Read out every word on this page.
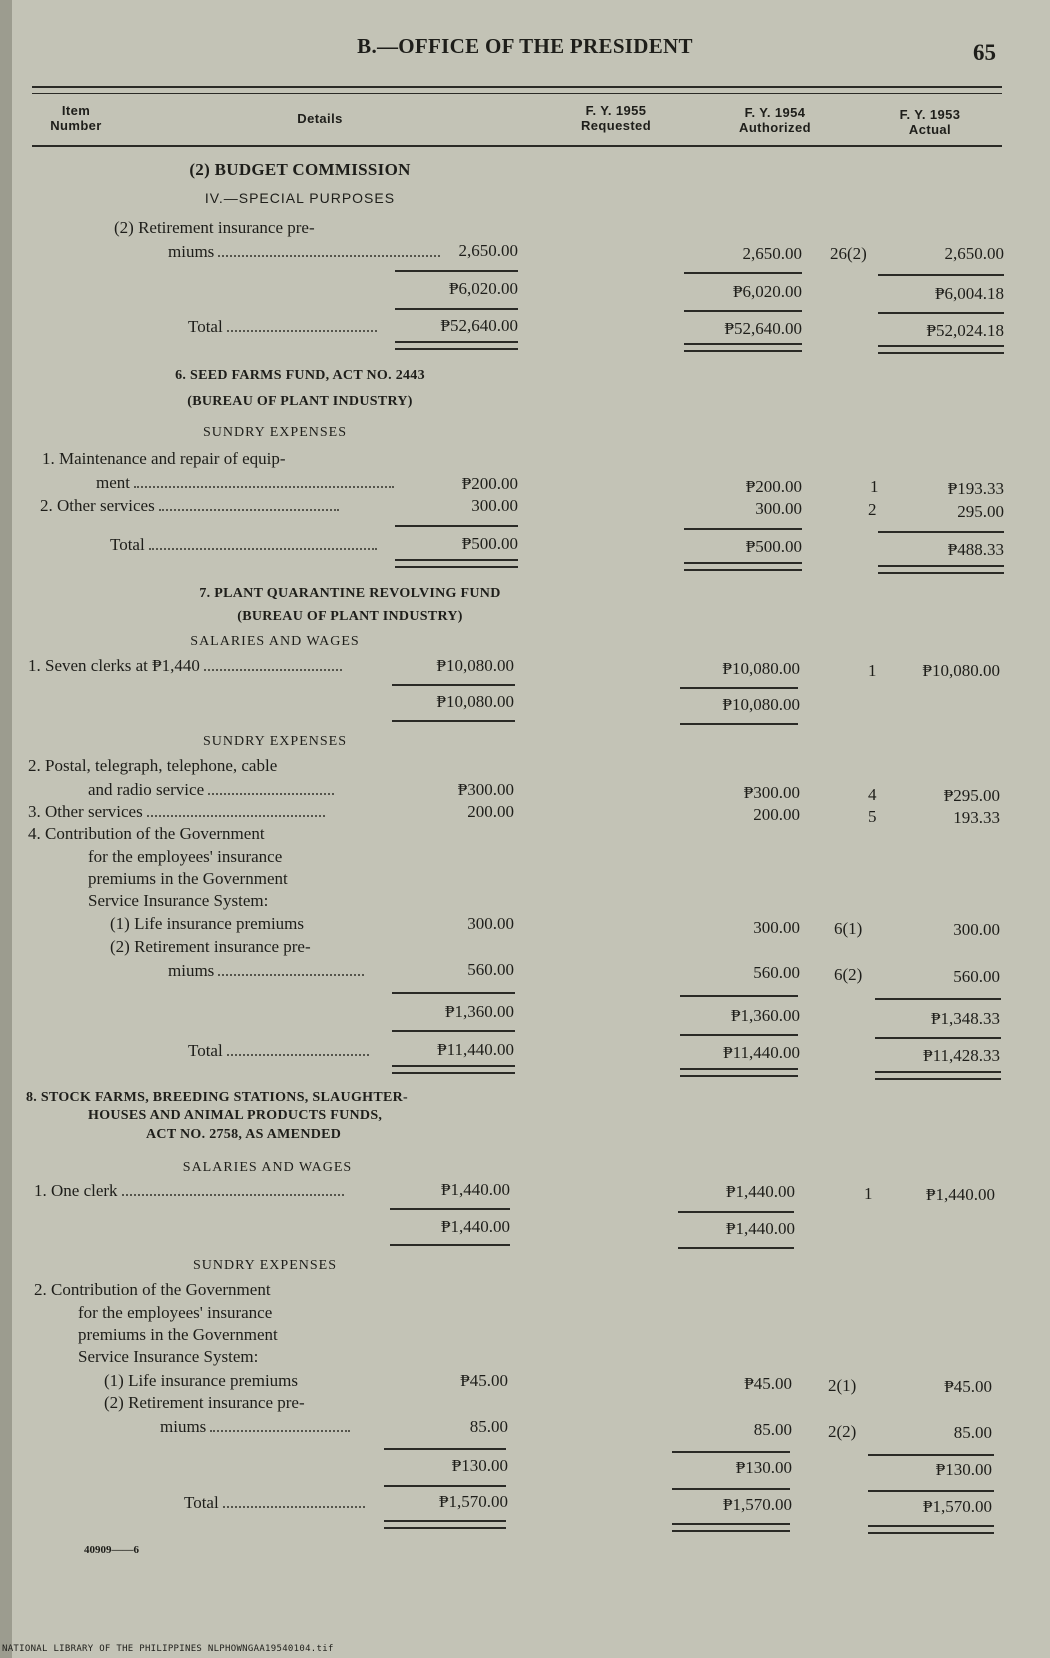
B.—OFFICE OF THE PRESIDENT	65
Item
Number	Details
F. Y. 1955
Requested
F. Y. 1954
Authorized
F. Y. 1953
Actual
(2) BUDGET COMMISSION
IV.—SPECIAL PURPOSES
(2) Retirement insurance pre-
miums	2,650.00	2,650.00 26(2)	2,650.00
₱6,020.00	₱6,020.00	₱6,004.18
Total	₱52,640.00	₱52,640.00	₱52,024.18
6. SEED FARMS FUND, ACT NO. 2443
(BUREAU OF PLANT INDUSTRY)
SUNDRY EXPENSES
1. Maintenance and repair of equip-
ment	₱200.00	₱200.00	1	₱193.33
2. Other services	300.00	300.00	2	295.00
Total	₱500.00	₱500.00	₱488.33
7. PLANT QUARANTINE REVOLVING FUND
(BUREAU OF PLANT INDUSTRY)
SALARIES AND WAGES
1. Seven clerks at ₱1,440	₱10,080.00	₱10,080.00	1	₱10,080.00
₱10,080.00	₱10,080.00
SUNDRY EXPENSES
2. Postal, telegraph, telephone, cable
and radio service	₱300.00	₱300.00	4	₱295.00
3. Other services	200.00	200.00	5	193.33
4. Contribution of the Government
for the employees' insurance
premiums in the Government
Service Insurance System:
(1) Life insurance premiums	300.00	300.00 6(1)	300.00
(2) Retirement insurance pre-
miums	560.00	560.00 6(2)	560.00
₱1,360.00	₱1,360.00	₱1,348.33
Total	₱11,440.00	₱11,440.00	₱11,428.33
8. STOCK FARMS, BREEDING STATIONS, SLAUGHTER-
HOUSES AND ANIMAL PRODUCTS FUNDS,
ACT NO. 2758, AS AMENDED
SALARIES AND WAGES
1. One clerk	₱1,440.00	₱1,440.00	1	₱1,440.00
₱1,440.00	₱1,440.00
SUNDRY EXPENSES
2. Contribution of the Government
for the employees' insurance
premiums in the Government
Service Insurance System:
(1) Life insurance premiums	₱45.00	₱45.00 2(1)	₱45.00
(2) Retirement insurance pre-
miums	85.00	85.00 2(2)	85.00
₱130.00	₱130.00	₱130.00
Total	₱1,570.00	₱1,570.00	₱1,570.00
40909——6
NATIONAL LIBRARY OF THE PHILIPPINES NLPHOWNGAA19540104.tif
